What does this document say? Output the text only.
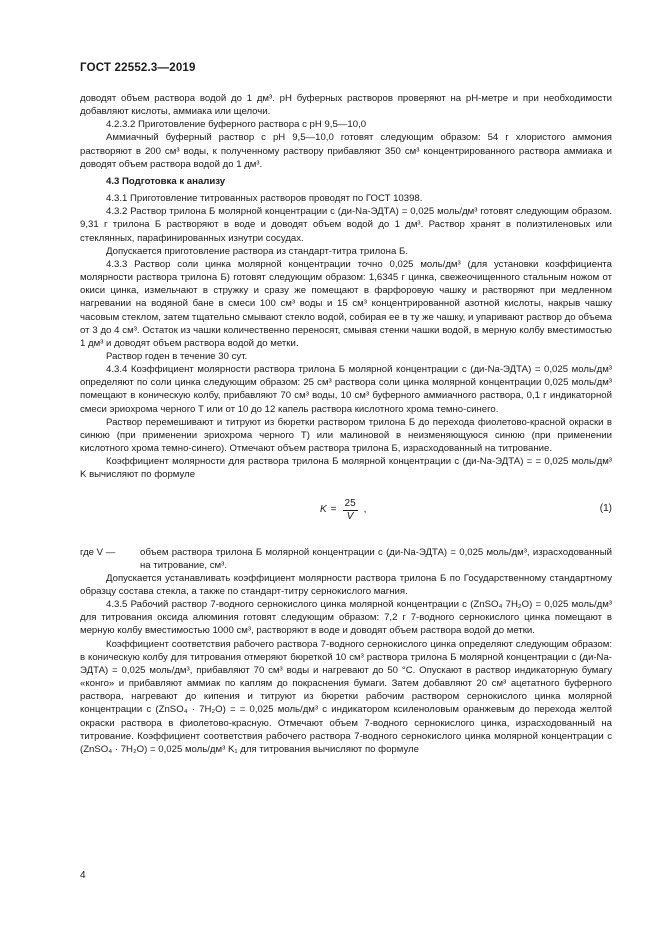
ГОСТ 22552.3—2019

доводят объем раствора водой до 1 дм³. pH буферных растворов проверяют на рН-метре и при необходимости добавляют кислоты, аммиака или щелочи.

4.2.3.2 Приготовление буферного раствора с pH 9,5—10,0

Аммиачный буферный раствор с pH 9,5—10,0 готовят следующим образом: 54 г хлористого аммония растворяют в 200 см³ воды, к полученному раствору прибавляют 350 см³ концентрированного раствора аммиака и доводят объем раствора водой до 1 дм³.

4.3 Подготовка к анализу

4.3.1 Приготовление титрованных растворов проводят по ГОСТ 10398.

4.3.2 Раствор трилона Б молярной концентрации c (ди-Na-ЭДТА) = 0,025 моль/дм³ готовят следующим образом. 9,31 г трилона Б растворяют в воде и доводят объем водой до 1 дм³. Раствор хранят в полиэтиленовых или стеклянных, парафинированных изнутри сосудах.

Допускается приготовление раствора из стандарт-титра трилона Б.

4.3.3 Раствор соли цинка молярной концентрации точно 0,025 моль/дм³ (для установки коэффициента молярности раствора трилона Б) готовят следующим образом: 1,6345 г цинка, свежеочищенного стальным ножом от окиси цинка, измельчают в стружку и сразу же помещают в фарфоровую чашку и растворяют при медленном нагревании на водяной бане в смеси 100 см³ воды и 15 см³ концентрированной азотной кислоты, накрыв чашку часовым стеклом, затем тщательно смывают стекло водой, собирая ее в ту же чашку, и упаривают раствор до объема от 3 до 4 см³. Остаток из чашки количественно переносят, смывая стенки чашки водой, в мерную колбу вместимостью 1 дм³ и доводят объем раствора водой до метки.

Раствор годен в течение 30 сут.

4.3.4 Коэффициент молярности раствора трилона Б молярной концентрации c (ди-Na-ЭДТА) = 0,025 моль/дм³ определяют по соли цинка следующим образом: 25 см³ раствора соли цинка молярной концентрации 0,025 моль/дм³ помещают в коническую колбу, прибавляют 70 см³ воды, 10 см³ буферного аммиачного раствора, 0,1 г индикаторной смеси эриохрома черного Т или от 10 до 12 капель раствора кислотного хрома темно-синего.

Раствор перемешивают и титруют из бюретки раствором трилона Б до перехода фиолетово-красной окраски в синюю (при применении эриохрома черного Т) или малиновой в неизменяющуюся синюю (при применении кислотного хрома темно-синего). Отмечают объем раствора трилона Б, израсходованный на титрование.

Коэффициент молярности для раствора трилона Б молярной концентрации c (ди-Na-ЭДТА) = = 0,025 моль/дм³ K вычисляют по формуле

$K = \frac{25}{V}$ ,	(1)
где V —	объем раствора трилона Б молярной концентрации c (ди-Na-ЭДТА) = 0,025 моль/дм³, израсходованный на титрование, см³.

Допускается устанавливать коэффициент молярности раствора трилона Б по Государственному стандартному образцу состава стекла, а также по стандарт-титру сернокислого магния.

4.3.5 Рабочий раствор 7-водного сернокислого цинка молярной концентрации c (ZnSO₄ 7H₂O) = 0,025 моль/дм³ для титрования оксида алюминия готовят следующим образом: 7,2 г 7-водного сернокислого цинка помещают в мерную колбу вместимостью 1000 см³, растворяют в воде и доводят объем раствора водой до метки.

Коэффициент соответствия рабочего раствора 7-водного сернокислого цинка определяют следующим образом: в коническую колбу для титрования отмеряют бюреткой 10 см³ раствора трилона Б молярной концентрации c (ди-Na-ЭДТА) = 0,025 моль/дм³, прибавляют 70 см³ воды и нагревают до 50 °С. Опускают в раствор индикаторную бумагу «конго» и прибавляют аммиак по каплям до покраснения бумаги. Затем добавляют 20 см³ ацетатного буферного раствора, нагревают до кипения и титруют из бюретки рабочим раствором сернокислого цинка молярной концентрации c (ZnSO₄ · 7H₂O) = = 0,025 моль/дм³ с индикатором ксиленоловым оранжевым до перехода желтой окраски раствора в фиолетово-красную. Отмечают объем 7-водного сернокислого цинка, израсходованный на титрование. Коэффициент соответствия рабочего раствора 7-водного сернокислого цинка молярной концентрации c (ZnSO₄ · 7H₂O) = 0,025 моль/дм³ K₁ для титрования вычисляют по формуле

4
